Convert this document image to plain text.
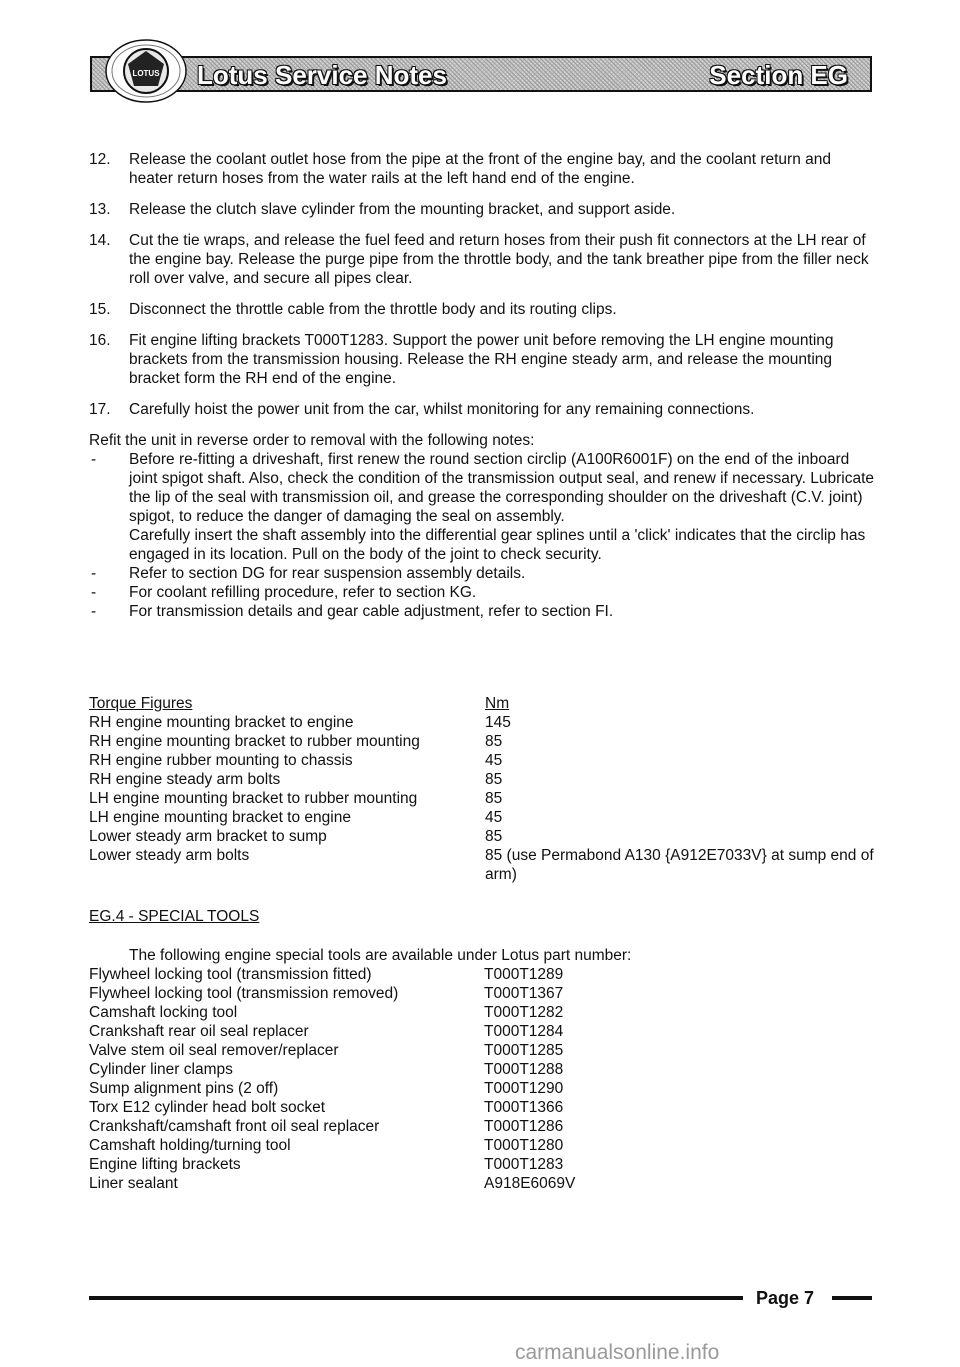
Lotus Service Notes	Section EG
LOTUS
12. Release the coolant outlet hose from the pipe at the front of the engine bay, and the coolant return and heater return hoses from the water rails at the left hand end of the engine.
13. Release the clutch slave cylinder from the mounting bracket, and support aside.
14. Cut the tie wraps, and release the fuel feed and return hoses from their push fit connectors at the LH rear of the engine bay. Release the purge pipe from the throttle body, and the tank breather pipe from the filler neck roll over valve, and secure all pipes clear.
15. Disconnect the throttle cable from the throttle body and its routing clips.
16. Fit engine lifting brackets T000T1283. Support the power unit before removing the LH engine mounting brackets from the transmission housing. Release the RH engine steady arm, and release the mounting bracket form the RH end of the engine.
17. Carefully hoist the power unit from the car, whilst monitoring for any remaining connections.

Refit the unit in reverse order to removal with the following notes:

- Before re-fitting a driveshaft, first renew the round section circlip (A100R6001F) on the end of the inboard joint spigot shaft. Also, check the condition of the transmission output seal, and renew if necessary. Lubricate the lip of the seal with transmission oil, and grease the corresponding shoulder on the driveshaft (C.V. joint) spigot, to reduce the danger of damaging the seal on assembly.

Carefully insert the shaft assembly into the differential gear splines until a 'click' indicates that the circlip has engaged in its location. Pull on the body of the joint to check security.

- Refer to section DG for rear suspension assembly details.

- For coolant refilling procedure, refer to section KG.

- For transmission details and gear cable adjustment, refer to section FI.

Torque Figures	Nm
RH engine mounting bracket to engine	145
RH engine mounting bracket to rubber mounting	85
RH engine rubber mounting to chassis	45
RH engine steady arm bolts	85
LH engine mounting bracket to rubber mounting	85
LH engine mounting bracket to engine	45
Lower steady arm bracket to sump	85
Lower steady arm bolts	85 (use Permabond A130 {A912E7033V} at sump end of arm)
EG.4 - SPECIAL TOOLS
The following engine special tools are available under Lotus part number:
Flywheel locking tool (transmission fitted)	T000T1289
Flywheel locking tool (transmission removed)	T000T1367
Camshaft locking tool	T000T1282
Crankshaft rear oil seal replacer	T000T1284
Valve stem oil seal remover/replacer	T000T1285
Cylinder liner clamps	T000T1288
Sump alignment pins (2 off)	T000T1290
Torx E12 cylinder head bolt socket	T000T1366
Crankshaft/camshaft front oil seal replacer	T000T1286
Camshaft holding/turning tool	T000T1280
Engine lifting brackets	T000T1283
Liner sealant	A918E6069V
Page 7
carmanualsonline.info
